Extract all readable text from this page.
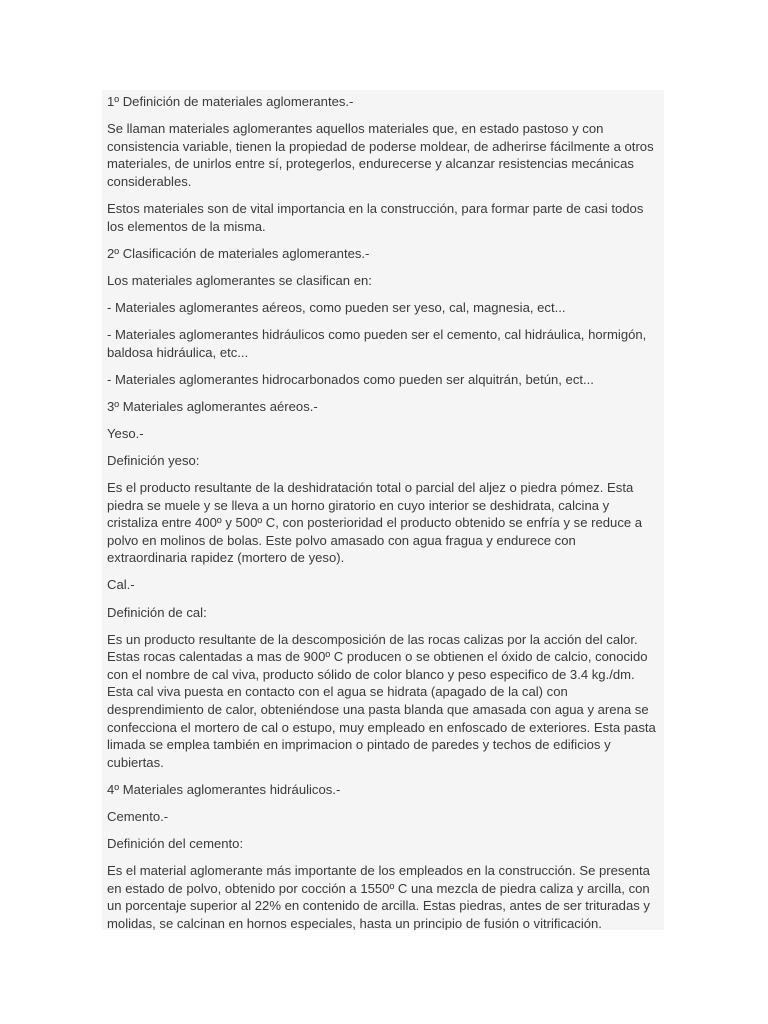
1º Definición de materiales aglomerantes.-

Se llaman materiales aglomerantes aquellos materiales que, en estado pastoso y con consistencia variable, tienen la propiedad de poderse moldear, de adherirse fácilmente a otros materiales, de unirlos entre sí, protegerlos, endurecerse y alcanzar resistencias mecánicas considerables.

Estos materiales son de vital importancia en la construcción, para formar parte de casi todos los elementos de la misma.

2º Clasificación de materiales aglomerantes.-

Los materiales aglomerantes se clasifican en:

- Materiales aglomerantes aéreos, como pueden ser yeso, cal, magnesia, ect...

- Materiales aglomerantes hidráulicos como pueden ser el cemento, cal hidráulica, hormigón, baldosa hidráulica, etc...

- Materiales aglomerantes hidrocarbonados como pueden ser alquitrán, betún, ect...

3º Materiales aglomerantes aéreos.-

Yeso.-

Definición yeso:

Es el producto resultante de la deshidratación total o parcial del aljez o piedra pómez. Esta piedra se muele y se lleva a un horno giratorio en cuyo interior se deshidrata, calcina y cristaliza entre 400º y 500º C, con posterioridad el producto obtenido se enfría y se reduce a polvo en molinos de bolas. Este polvo amasado con agua fragua y endurece con extraordinaria rapidez (mortero de yeso).

Cal.-

Definición de cal:

Es un producto resultante de la descomposición de las rocas calizas por la acción del calor. Estas rocas calentadas a mas de 900º C producen o se obtienen el óxido de calcio, conocido con el nombre de cal viva, producto sólido de color blanco y peso especifico de 3.4 kg./dm. Esta cal viva puesta en contacto con el agua se hidrata (apagado de la cal) con desprendimiento de calor, obteniéndose una pasta blanda que amasada con agua y arena se confecciona el mortero de cal o estupo, muy empleado en enfoscado de exteriores. Esta pasta limada se emplea también en imprimacion o pintado de paredes y techos de edificios y cubiertas.

4º Materiales aglomerantes hidráulicos.-

Cemento.-

Definición del cemento:

Es el material aglomerante más importante de los empleados en la construcción. Se presenta en estado de polvo, obtenido por cocción a 1550º C una mezcla de piedra caliza y arcilla, con un porcentaje superior al 22% en contenido de arcilla. Estas piedras, antes de ser trituradas y molidas, se calcinan en hornos especiales, hasta un principio de fusión o vitrificación.
